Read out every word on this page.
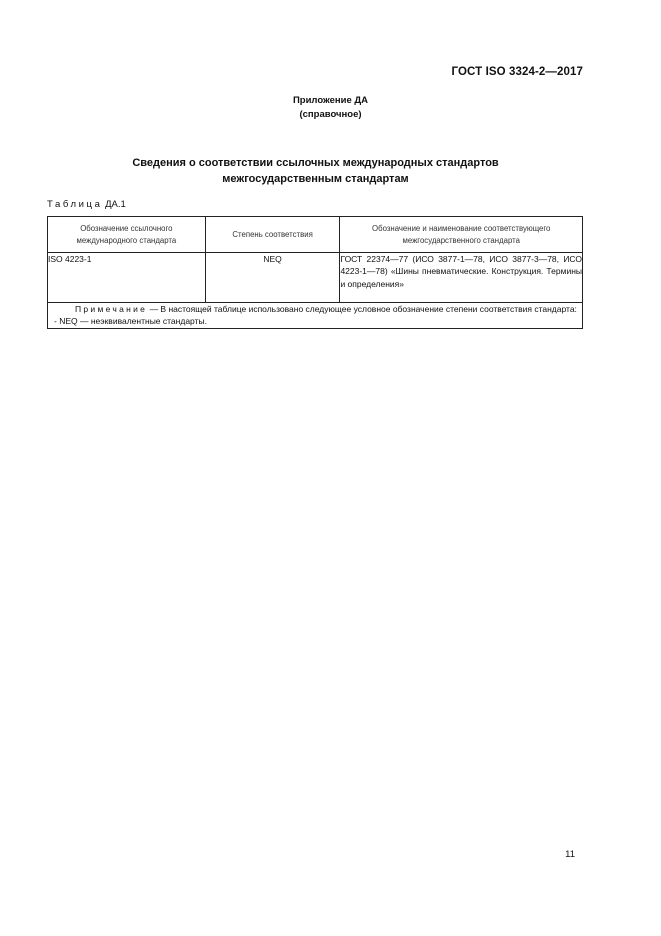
ГОСТ ISO 3324-2—2017
Приложение ДА
(справочное)
Сведения о соответствии ссылочных международных стандартов
межгосударственным стандартам
Таблица ДА.1
Обозначение ссылочного международного стандарта	Степень соответствия	Обозначение и наименование соответствующего межгосударственного стандарта
ISO 4223-1	NEQ	ГОСТ 22374—77 (ИСО 3877-1—78, ИСО 3877-3—78, ИСО 4223-1—78) «Шины пневматические. Конструкция. Термины и определения»

Примечание — В настоящей таблице использовано следующее условное обозначение степени соответствия стандарта:
- NEQ — неэквивалентные стандарты.		
11
